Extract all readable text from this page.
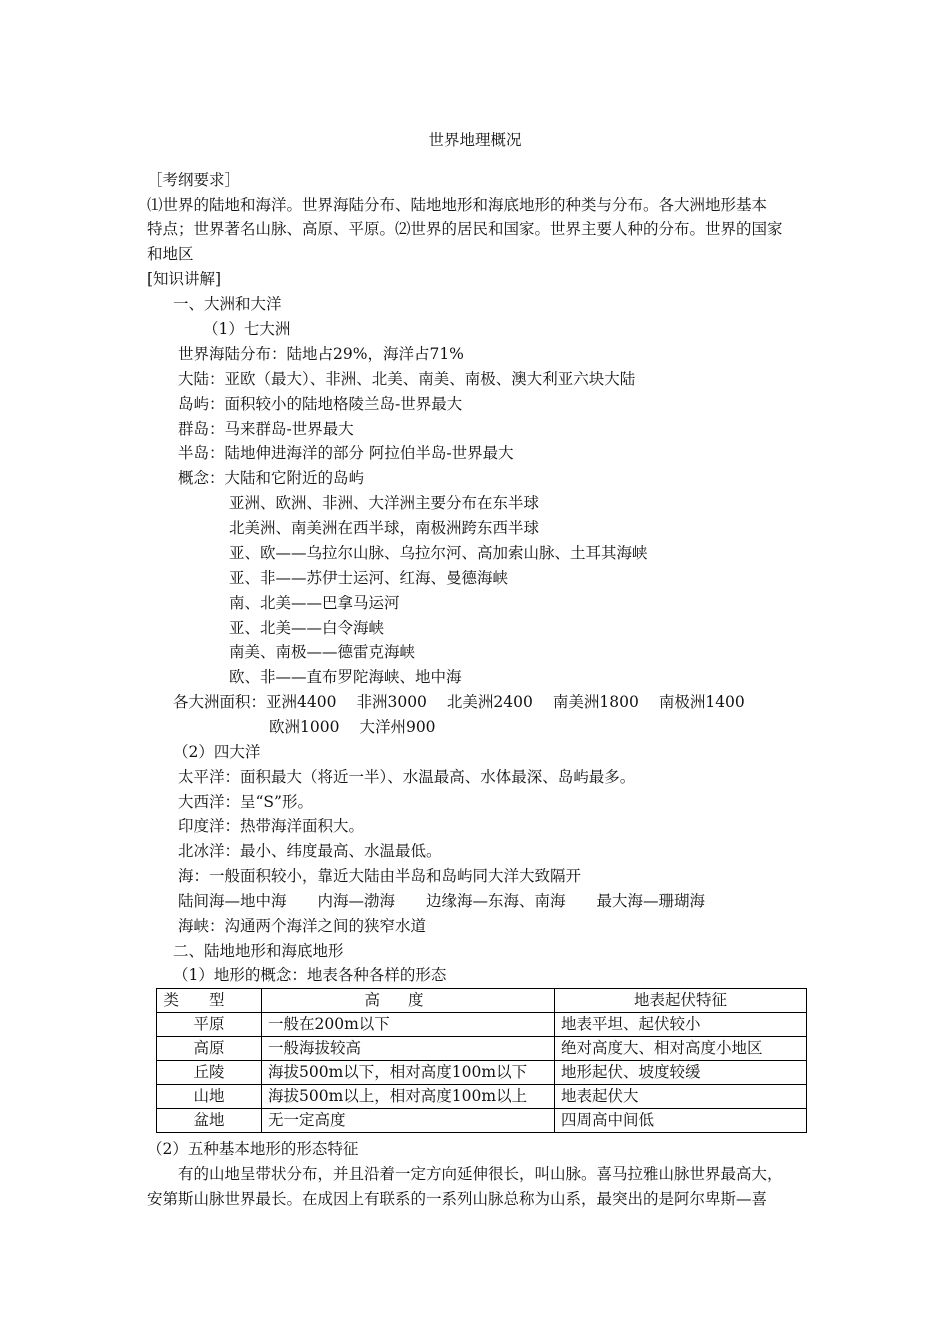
世界地理概况
［考纲要求］
⑴世界的陆地和海洋。世界海陆分布、陆地地形和海底地形的种类与分布。各大洲地形基本
特点；世界著名山脉、高原、平原。⑵世界的居民和国家。世界主要人种的分布。世界的国家
和地区
[知识讲解]
一、大洲和大洋
（1）七大洲
世界海陆分布：陆地占29%，海洋占71%
大陆：亚欧（最大）、非洲、北美、南美、南极、澳大利亚六块大陆
岛屿：面积较小的陆地格陵兰岛-世界最大
群岛：马来群岛-世界最大
半岛：陆地伸进海洋的部分 阿拉伯半岛-世界最大
概念：大陆和它附近的岛屿
亚洲、欧洲、非洲、大洋洲主要分布在东半球
北美洲、南美洲在西半球，南极洲跨东西半球
亚、欧——乌拉尔山脉、乌拉尔河、高加索山脉、土耳其海峡
亚、非——苏伊士运河、红海、曼德海峡
南、北美——巴拿马运河
亚、北美——白令海峡
南美、南极——德雷克海峡
欧、非——直布罗陀海峡、地中海
各大洲面积：亚洲4400 非洲3000 北美洲2400 南美洲1800 南极洲1400
欧洲1000 大洋州900
（2）四大洋
太平洋：面积最大（将近一半）、水温最高、水体最深、岛屿最多。
大西洋：呈“S”形。
印度洋：热带海洋面积大。
北冰洋：最小、纬度最高、水温最低。
海：一般面积较小，靠近大陆由半岛和岛屿同大洋大致隔开
陆间海—地中海　　内海—渤海　　边缘海—东海、南海　　最大海—珊瑚海
海峡：沟通两个海洋之间的狭窄水道
二、陆地地形和海底地形
（1）地形的概念：地表各种各样的形态
类型	高度	地表起伏特征
平原	一般在200m以下	地表平坦、起伏较小
高原	一般海拔较高	绝对高度大、相对高度小地区
丘陵	海拔500m以下，相对高度100m以下	地形起伏、坡度较缓
山地	海拔500m以上，相对高度100m以上	地表起伏大
盆地	无一定高度	四周高中间低
（2）五种基本地形的形态特征
有的山地呈带状分布，并且沿着一定方向延伸很长，叫山脉。喜马拉雅山脉世界最高大，
安第斯山脉世界最长。在成因上有联系的一系列山脉总称为山系，最突出的是阿尔卑斯—喜
